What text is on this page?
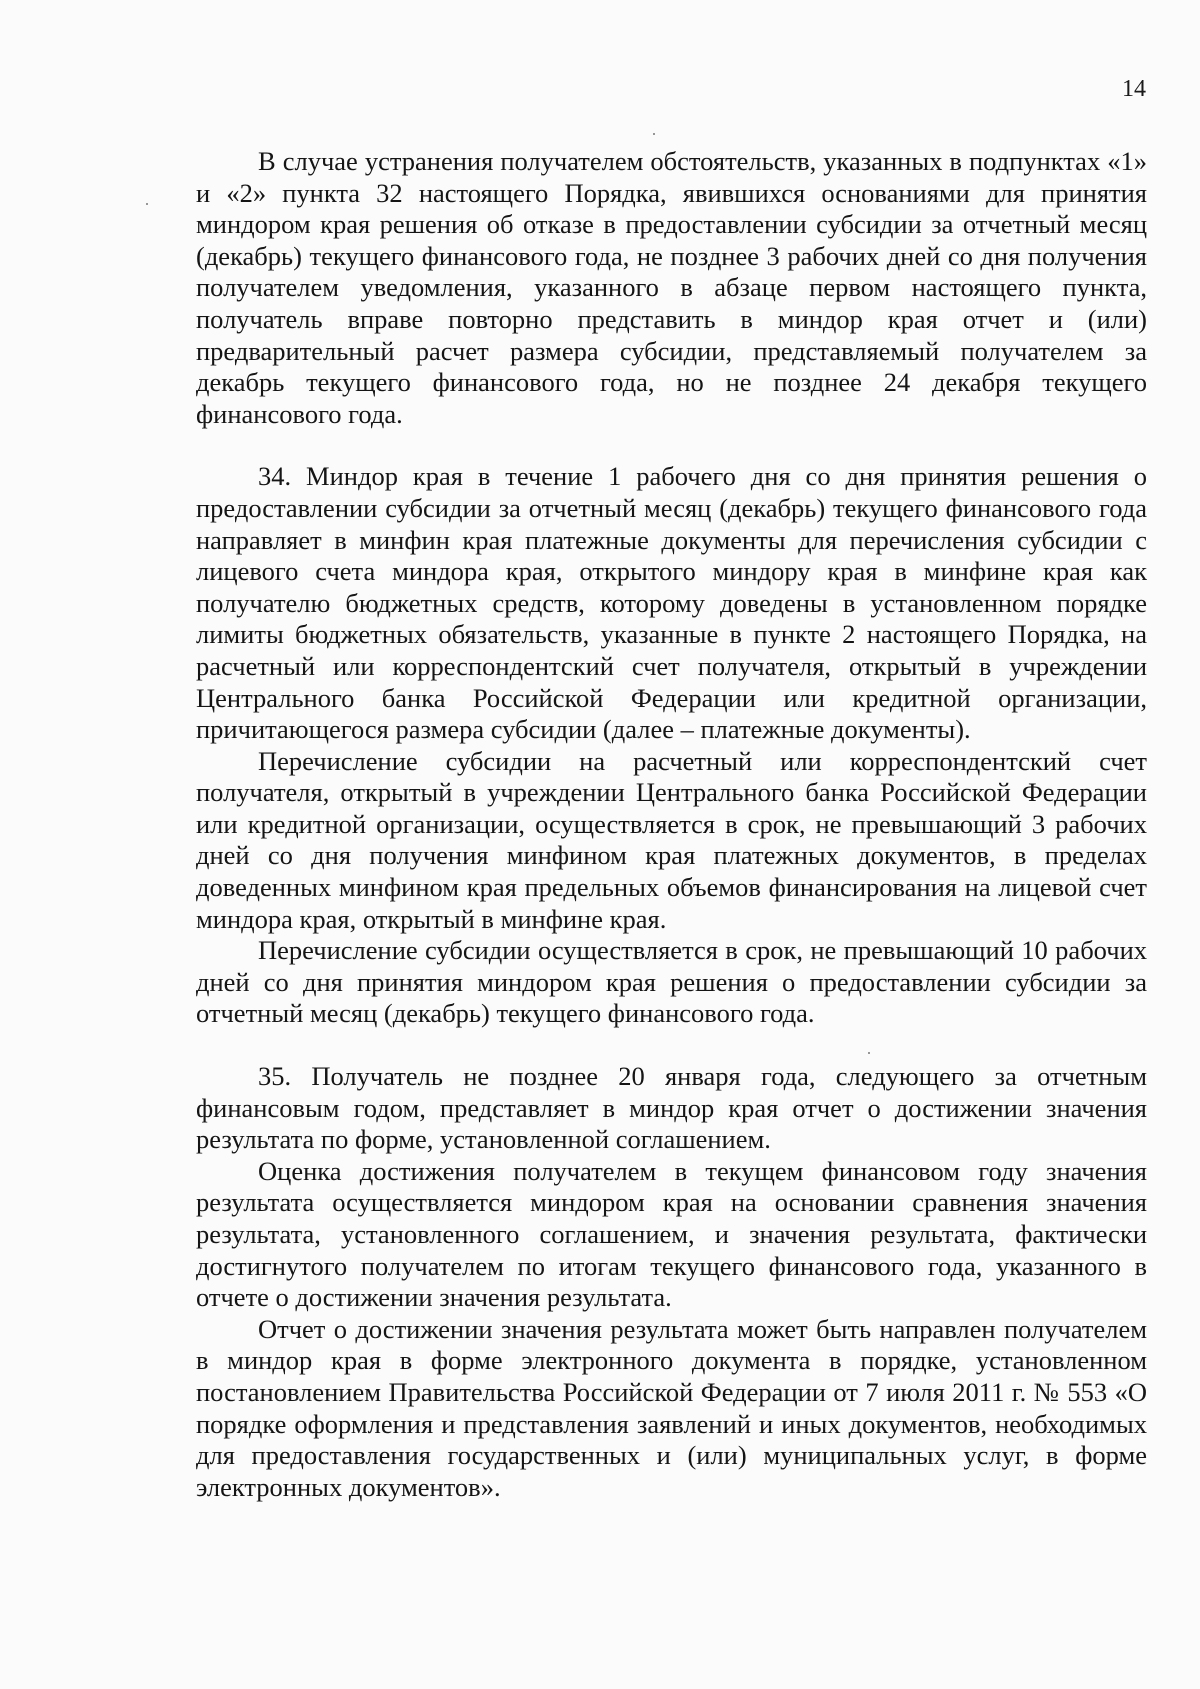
14

В случае устранения получателем обстоятельств, указанных в подпунктах «1» и «2» пункта 32 настоящего Порядка, явившихся основаниями для принятия миндором края решения об отказе в предоставлении субсидии за отчетный месяц (декабрь) текущего финансового года, не позднее 3 рабочих дней со дня получения получателем уведомления, указанного в абзаце первом настоящего пункта, получатель вправе повторно представить в миндор края отчет и (или) предварительный расчет размера субсидии, представляемый получателем за декабрь текущего финансового года, но не позднее 24 декабря текущего финансового года.

34. Миндор края в течение 1 рабочего дня со дня принятия решения о предоставлении субсидии за отчетный месяц (декабрь) текущего финансового года направляет в минфин края платежные документы для перечисления субсидии с лицевого счета миндора края, открытого миндору края в минфине края как получателю бюджетных средств, которому доведены в установленном порядке лимиты бюджетных обязательств, указанные в пункте 2 настоящего Порядка, на расчетный или корреспондентский счет получателя, открытый в учреждении Центрального банка Российской Федерации или кредитной организации, причитающегося размера субсидии (далее – платежные документы).

Перечисление субсидии на расчетный или корреспондентский счет получателя, открытый в учреждении Центрального банка Российской Федерации или кредитной организации, осуществляется в срок, не превышающий 3 рабочих дней со дня получения минфином края платежных документов, в пределах доведенных минфином края предельных объемов финансирования на лицевой счет миндора края, открытый в минфине края.

Перечисление субсидии осуществляется в срок, не превышающий 10 рабочих дней со дня принятия миндором края решения о предоставлении субсидии за отчетный месяц (декабрь) текущего финансового года.

35. Получатель не позднее 20 января года, следующего за отчетным финансовым годом, представляет в миндор края отчет о достижении значения результата по форме, установленной соглашением.

Оценка достижения получателем в текущем финансовом году значения результата осуществляется миндором края на основании сравнения значения результата, установленного соглашением, и значения результата, фактически достигнутого получателем по итогам текущего финансового года, указанного в отчете о достижении значения результата.

Отчет о достижении значения результата может быть направлен получателем в миндор края в форме электронного документа в порядке, установленном постановлением Правительства Российской Федерации от 7 июля 2011 г. № 553 «О порядке оформления и представления заявлений и иных документов, необходимых для предоставления государственных и (или) муниципальных услуг, в форме электронных документов».
